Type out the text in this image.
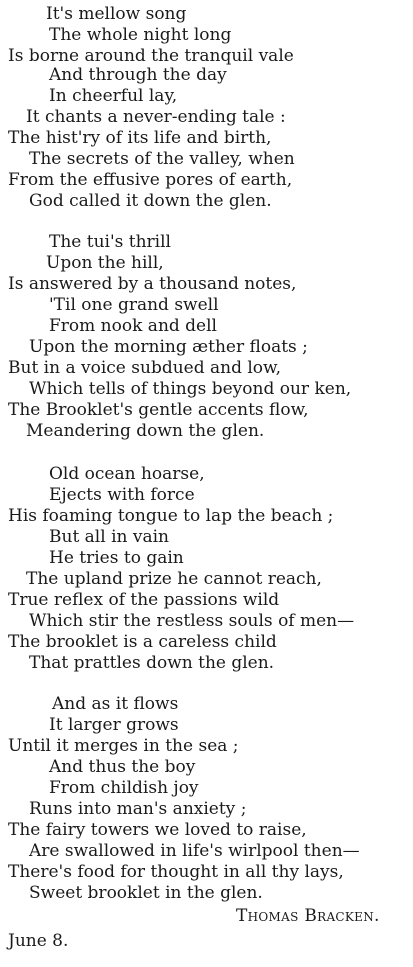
It's mellow song
The whole night long
Is borne around the tranquil vale
And through the day
In cheerful lay,
It chants a never-ending tale :
The hist'ry of its life and birth,
The secrets of the valley, when
From the effusive pores of earth,
God called it down the glen.
The tui's thrill
Upon the hill,
Is answered by a thousand notes,
'Til one grand swell
From nook and dell
Upon the morning æther floats ;
But in a voice subdued and low,
Which tells of things beyond our ken,
The Brooklet's gentle accents flow,
Meandering down the glen.
Old ocean hoarse,
Ejects with force
His foaming tongue to lap the beach ;
But all in vain
He tries to gain
The upland prize he cannot reach,
True reflex of the passions wild
Which stir the restless souls of men—
The brooklet is a careless child
That prattles down the glen.
And as it flows
It larger grows
Until it merges in the sea ;
And thus the boy
From childish joy
Runs into man's anxiety ;
The fairy towers we loved to raise,
Are swallowed in life's wirlpool then—
There's food for thought in all thy lays,
Sweet brooklet in the glen.
Thomas Bracken.
June 8.
